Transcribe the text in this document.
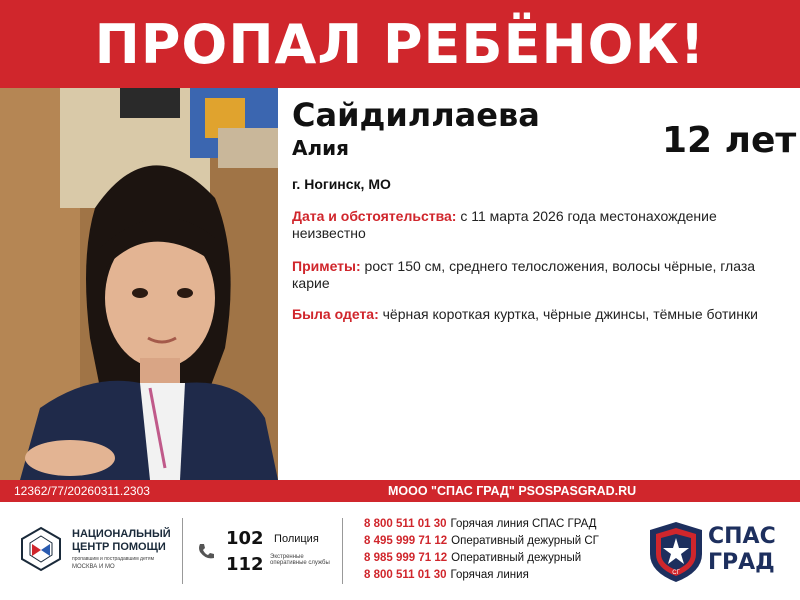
ПРОПАЛ РЕБЁНОК!
Сайдиллаева
Алия	12 лет
г. Ногинск, МО
Дата и обстоятельства: с 11 марта 2026 года местонахождение неизвестно
Приметы: рост 150 см, среднего телосложения, волосы чёрные, глаза карие
Была одета: чёрная короткая куртка, чёрные джинсы, тёмные ботинки
12362/77/20260311.2303	МООО "СПАС ГРАД" PSOSPASGRAD.RU
НАЦИОНАЛЬНЫЙ
ЦЕНТР ПОМОЩИ
пропавшим и пострадавшим детям
МОСКВА И МО
102 Полиция
112 Экстренные оперативные службы
8 800 511 01 30 Горячая линия СПАС ГРАД
8 495 999 71 12 Оперативный дежурный СГ
8 985 999 71 12 Оперативный дежурный
8 800 511 01 30 Горячая линия	СГ
СПАС
ГРАД
